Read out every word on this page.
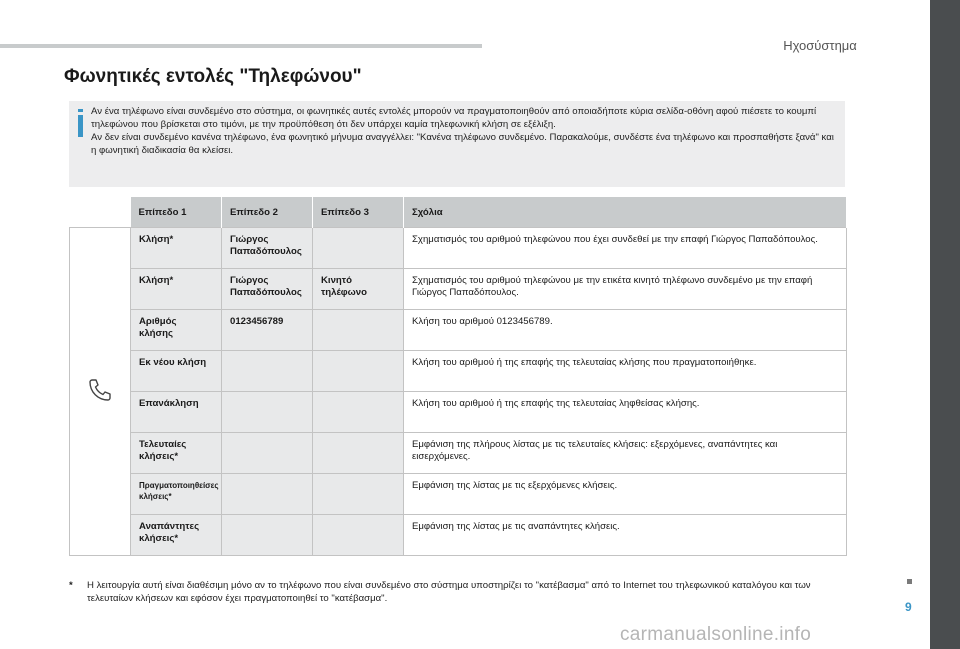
Ηχοσύστημα
9
Φωνητικές εντολές "Τηλεφώνου"

Αν ένα τηλέφωνο είναι συνδεμένο στο σύστημα, οι φωνητικές αυτές εντολές μπορούν να πραγματοποιηθούν από οποιαδήποτε κύρια σελίδα-οθόνη αφού πιέσετε το κουμπί τηλεφώνου που βρίσκεται στο τιμόνι, με την προϋπόθεση ότι δεν υπάρχει καμία τηλεφωνική κλήση σε εξέλιξη.

Αν δεν είναι συνδεμένο κανένα τηλέφωνο, ένα φωνητικό μήνυμα αναγγέλλει: "Κανένα τηλέφωνο συνδεμένο. Παρακαλούμε, συνδέστε ένα τηλέφωνο και προσπαθήστε ξανά" και η φωνητική διαδικασία θα κλείσει.

	Επίπεδο 1	Επίπεδο 2	Επίπεδο 3	Σχόλια
	Κλήση*	Γιώργος Παπαδόπουλος		Σχηματισμός του αριθμού τηλεφώνου που έχει συνδεθεί με την επαφή Γιώργος Παπαδόπουλος.
	Κλήση*	Γιώργος Παπαδόπουλος	Κινητό τηλέφωνο	Σχηματισμός του αριθμού τηλεφώνου με την ετικέτα κινητό τηλέφωνο συνδεμένο με την επαφή Γιώργος Παπαδόπουλος.
	Αριθμός κλήσης	0123456789		Κλήση του αριθμού 0123456789.
	Εκ νέου κλήση			Κλήση του αριθμού ή της επαφής της τελευταίας κλήσης που πραγματοποιήθηκε.
	Επανάκληση			Κλήση του αριθμού ή της επαφής της τελευταίας ληφθείσας κλήσης.
	Τελευταίες κλήσεις*			Εμφάνιση της πλήρους λίστας με τις τελευταίες κλήσεις: εξερχόμενες, αναπάντητες και εισερχόμενες.
	Πραγματοποιηθείσες κλήσεις*			Εμφάνιση της λίστας με τις εξερχόμενες κλήσεις.
	Αναπάντητες κλήσεις*			Εμφάνιση της λίστας με τις αναπάντητες κλήσεις.
* Η λειτουργία αυτή είναι διαθέσιμη μόνο αν το τηλέφωνο που είναι συνδεμένο στο σύστημα υποστηρίζει το "κατέβασμα" από το Internet του τηλεφωνικού καταλόγου και των τελευταίων κλήσεων και εφόσον έχει πραγματοποιηθεί το "κατέβασμα".
carmanualsonline.info
